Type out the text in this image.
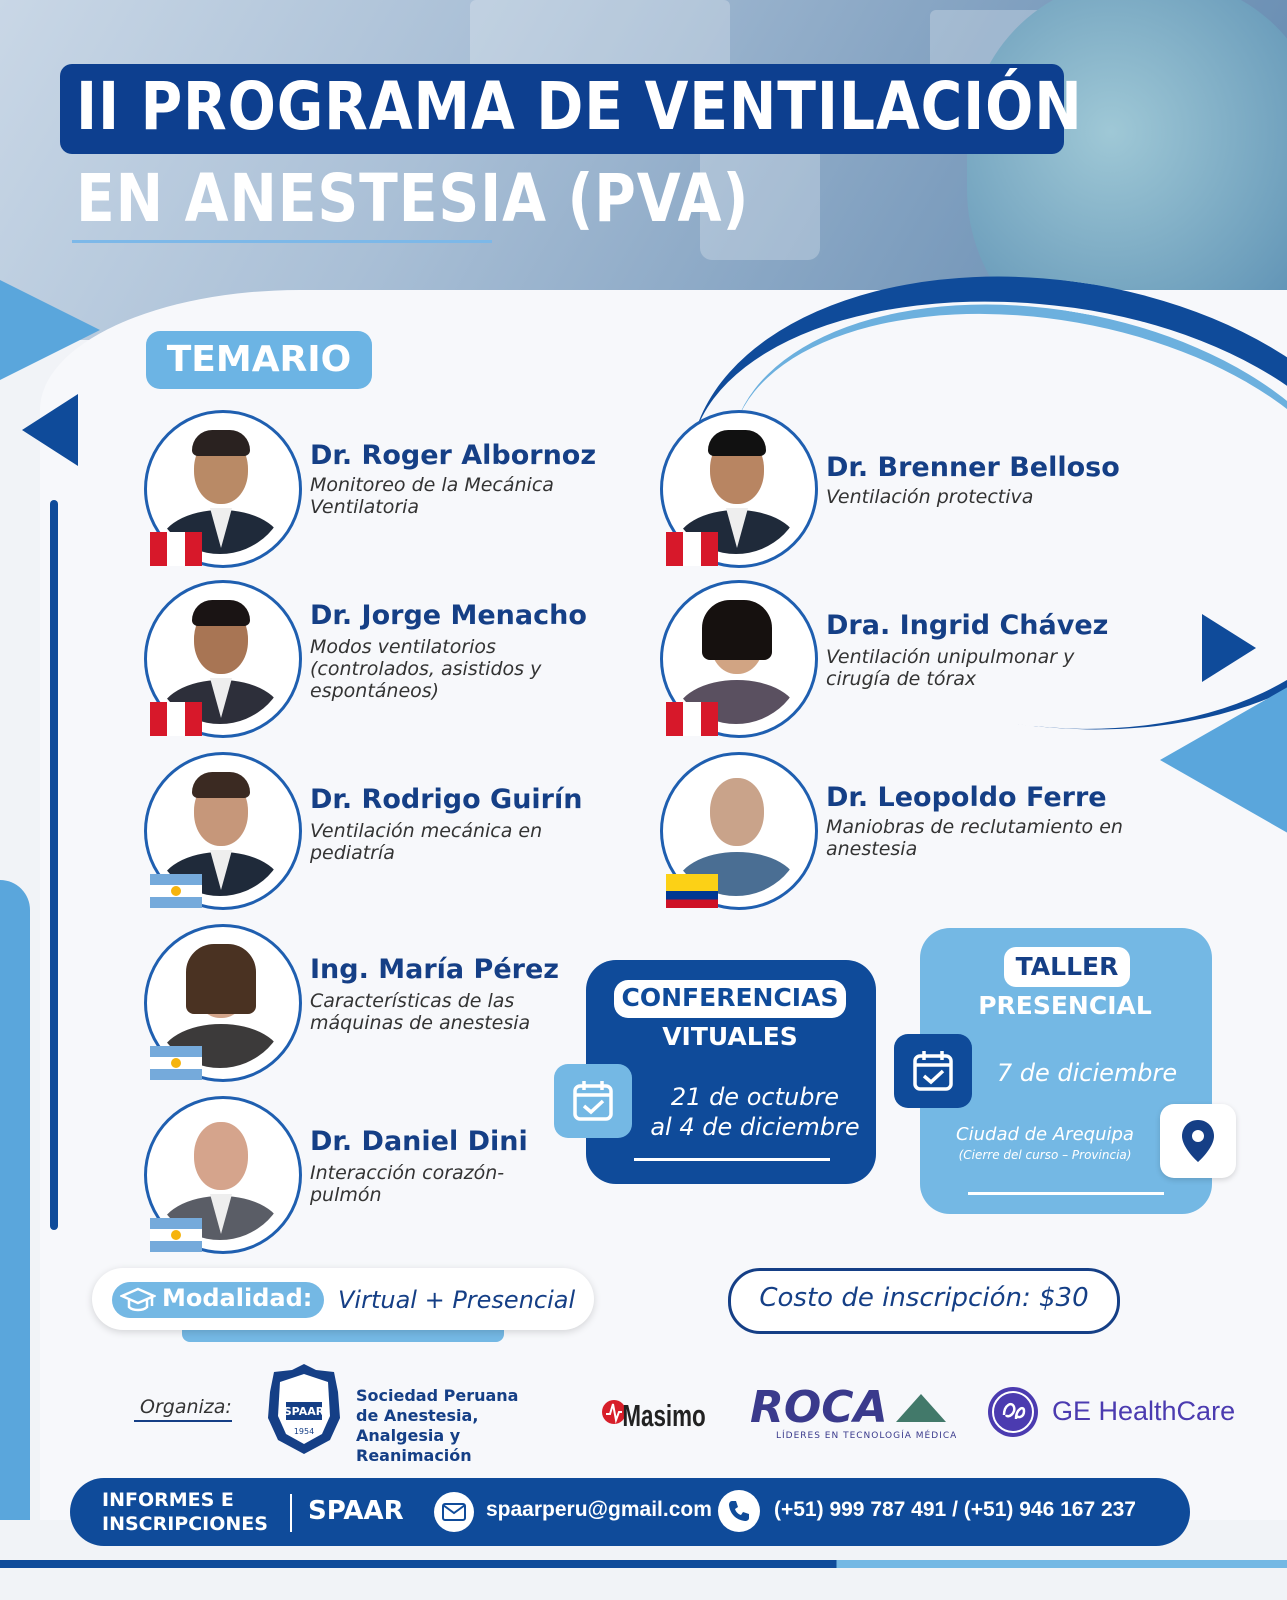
II PROGRAMA DE VENTILACIÓN
EN ANESTESIA (PVA)
TEMARIO
Dr. Roger Albornoz
Monitoreo de la Mecánica Ventilatoria
Dr. Brenner Belloso
Ventilación protectiva
Dr. Jorge Menacho
Modos ventilatorios (controlados, asistidos y espontáneos)
Dra. Ingrid Chávez
Ventilación unipulmonar y cirugía de tórax
Dr. Rodrigo Guirín
Ventilación mecánica en pediatría
Dr. Leopoldo Ferre
Maniobras de reclutamiento en anestesia
Ing. María Pérez
Características de las máquinas de anestesia
Dr. Daniel Dini
Interacción corazón-pulmón
CONFERENCIAS
VITUALES
21 de octubre
al 4 de diciembre
TALLER
PRESENCIAL
7 de diciembre
Ciudad de Arequipa
(Cierre del curso – Provincia)
Modalidad: Virtual + Presencial	Costo de inscripción: $30
Organiza:	SPAAR
1954
Sociedad Peruana de Anestesia, Analgesia y Reanimación
Masimo ROCA
LÍDERES EN TECNOLOGÍA MÉDICA
GE HealthCare
INFORMES E
INSCRIPCIONES	SPAAR	spaarperu@gmail.com	(+51) 999 787 491 / (+51) 946 167 237
